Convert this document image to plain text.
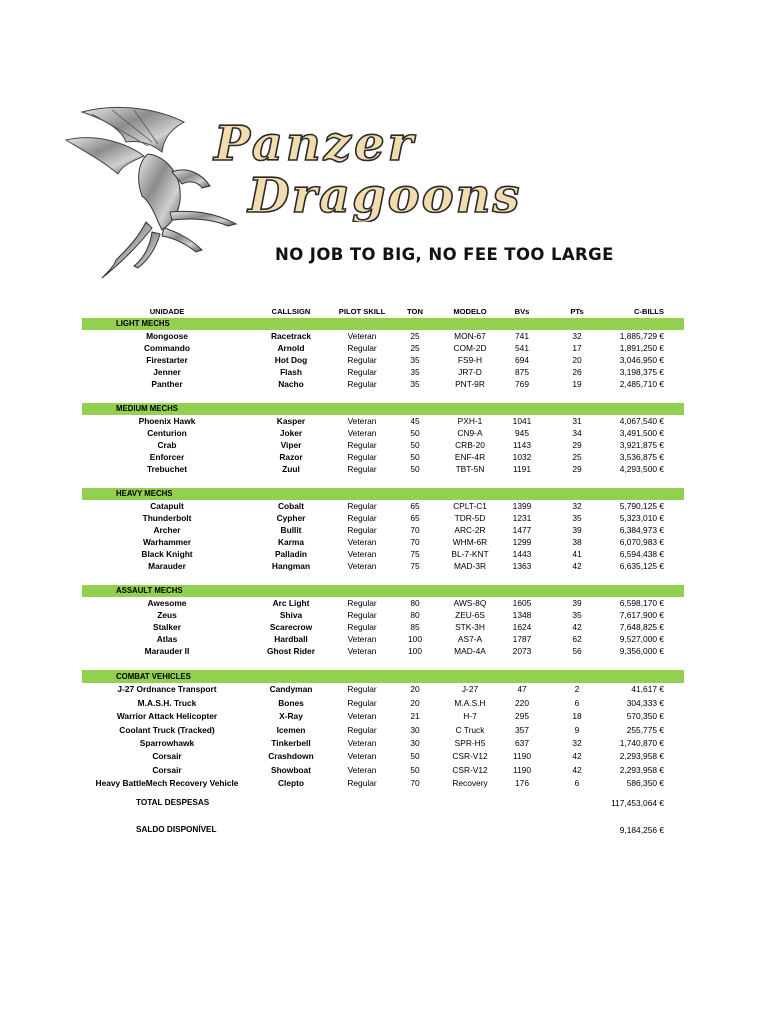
Panzer
Dragoons
NO JOB TO BIG, NO FEE TOO LARGE
UNIDADE	CALLSIGN	PILOT SKILL	TON	MODELO	BVs	PTs	C-BILLS
LIGHT MECHS
Mongoose	Racetrack	Veteran	25	MON-67	741	32	1,885,729 €
Commando	Arnold	Regular	25	COM-2D	541	17	1,891,250 €
Firestarter	Hot Dog	Regular	35	FS9-H	694	20	3,046,950 €
Jenner	Flash	Regular	35	JR7-D	875	26	3,198,375 €
Panther	Nacho	Regular	35	PNT-9R	769	19	2,485,710 €
MEDIUM MECHS
Phoenix Hawk	Kasper	Veteran	45	PXH-1	1041	31	4,067,540 €
Centurion	Joker	Veteran	50	CN9-A	945	34	3,491,500 €
Crab	Viper	Regular	50	CRB-20	1143	29	3,921,875 €
Enforcer	Razor	Regular	50	ENF-4R	1032	25	3,536,875 €
Trebuchet	Zuul	Regular	50	TBT-5N	1191	29	4,293,500 €
HEAVY MECHS
Catapult	Cobalt	Regular	65	CPLT-C1	1399	32	5,790,125 €
Thunderbolt	Cypher	Regular	65	TDR-5D	1231	35	5,323,010 €
Archer	Bullit	Regular	70	ARC-2R	1477	39	6,384,973 €
Warhammer	Karma	Veteran	70	WHM-6R	1299	38	6,070,983 €
Black Knight	Palladin	Veteran	75	BL-7-KNT	1443	41	6,594,438 €
Marauder	Hangman	Veteran	75	MAD-3R	1363	42	6,635,125 €
ASSAULT MECHS
Awesome	Arc Light	Regular	80	AWS-8Q	1605	39	6,598,170 €
Zeus	Shiva	Regular	80	ZEU-6S	1348	35	7,617,900 €
Stalker	Scarecrow	Regular	85	STK-3H	1624	42	7,648,825 €
Atlas	Hardball	Veteran	100	AS7-A	1787	62	9,527,000 €
Marauder II	Ghost Rider	Veteran	100	MAD-4A	2073	56	9,356,000 €
COMBAT VEHICLES
J-27 Ordnance Transport	Candyman	Regular	20	J-27	47	2	41,617 €
M.A.S.H. Truck	Bones	Regular	20	M.A.S.H	220	6	304,333 €
Warrior Attack Helicopter	X-Ray	Veteran	21	H-7	295	18	570,350 €
Coolant Truck (Tracked)	Icemen	Regular	30	C Truck	357	9	255,775 €
Sparrowhawk	Tinkerbell	Veteran	30	SPR-H5	637	32	1,740,870 €
Corsair	Crashdown	Veteran	50	CSR-V12	1190	42	2,293,958 €
Corsair	Showboat	Veteran	50	CSR-V12	1190	42	2,293,958 €
Heavy BattleMech Recovery Vehicle	Clepto	Regular	70	Recovery	176	6	586,350 €
TOTAL DESPESAS	117,453,064 €
SALDO DISPONÍVEL	9,184,256 €
